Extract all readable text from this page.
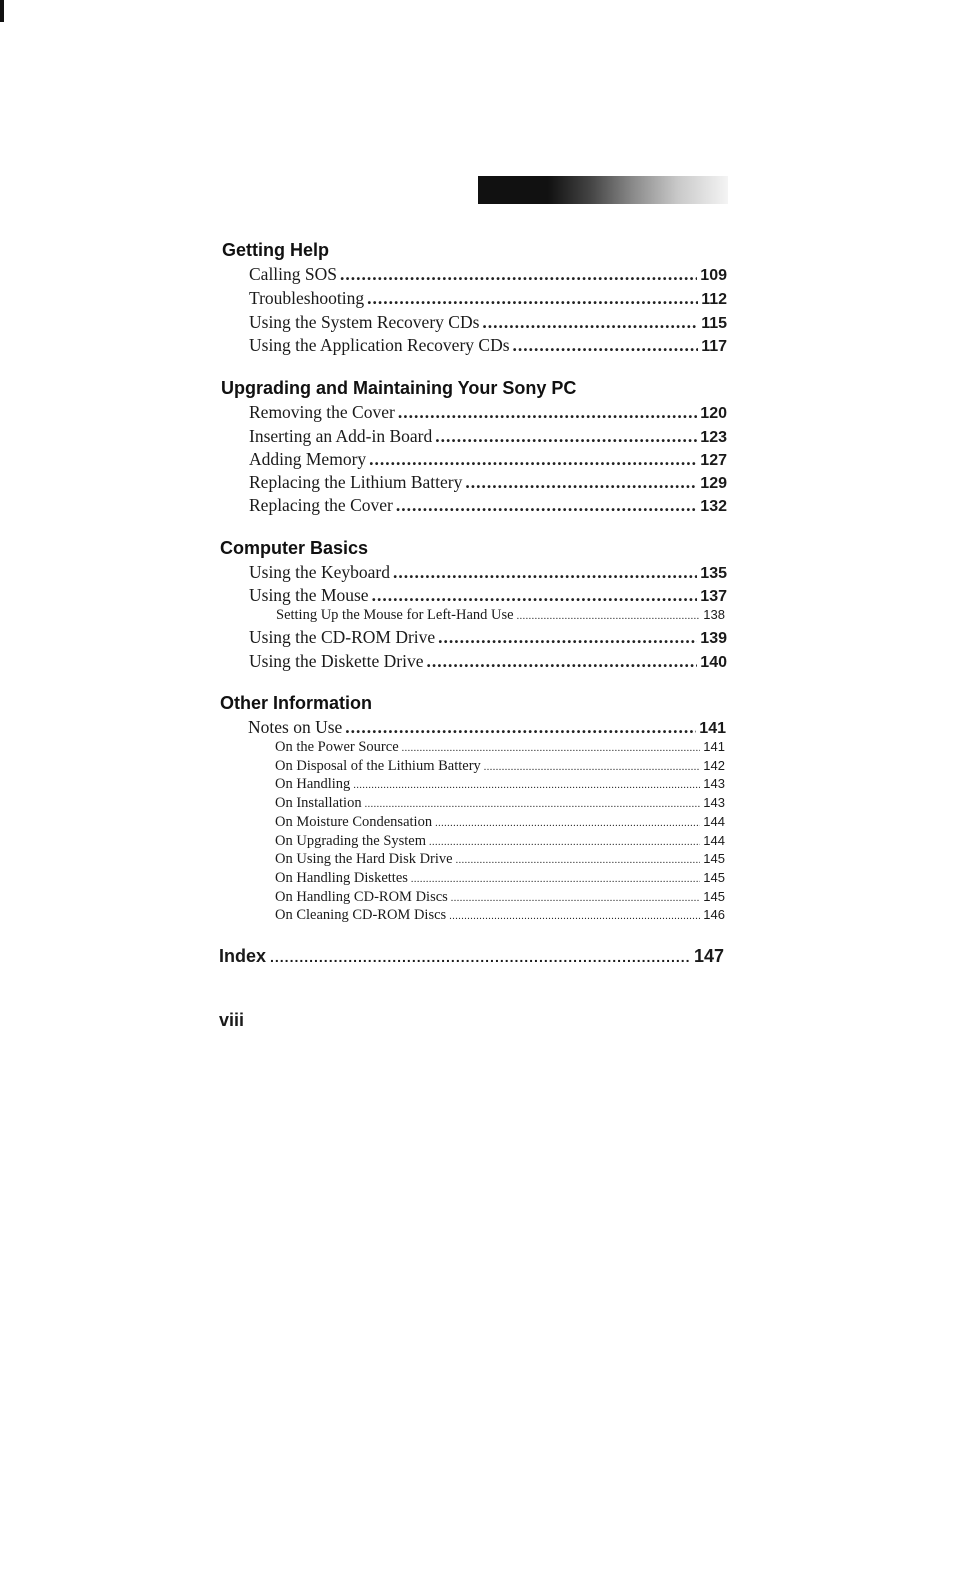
Getting Help
Calling SOS .....	109
Troubleshooting .....	112
Using the System Recovery CDs .....	115
Using the Application Recovery CDs .....	117
Upgrading and Maintaining Your Sony PC
Removing the Cover .....	120
Inserting an Add-in Board .....	123
Adding Memory .....	127
Replacing the Lithium Battery .....	129
Replacing the Cover .....	132
Computer Basics
Using the Keyboard .....	135
Using the Mouse .....	137
Setting Up the Mouse for Left-Hand Use .....	138
Using the CD-ROM Drive .....	139
Using the Diskette Drive .....	140
Other Information
Notes on Use .....	141
On the Power Source .....	141
On Disposal of the Lithium Battery .....	142
On Handling .....	143
On Installation .....	143
On Moisture Condensation .....	144
On Upgrading the System .....	144
On Using the Hard Disk Drive .....	145
On Handling Diskettes .....	145
On Handling CD-ROM Discs .....	145
On Cleaning CD-ROM Discs .....	146
Index .....	147
viii
